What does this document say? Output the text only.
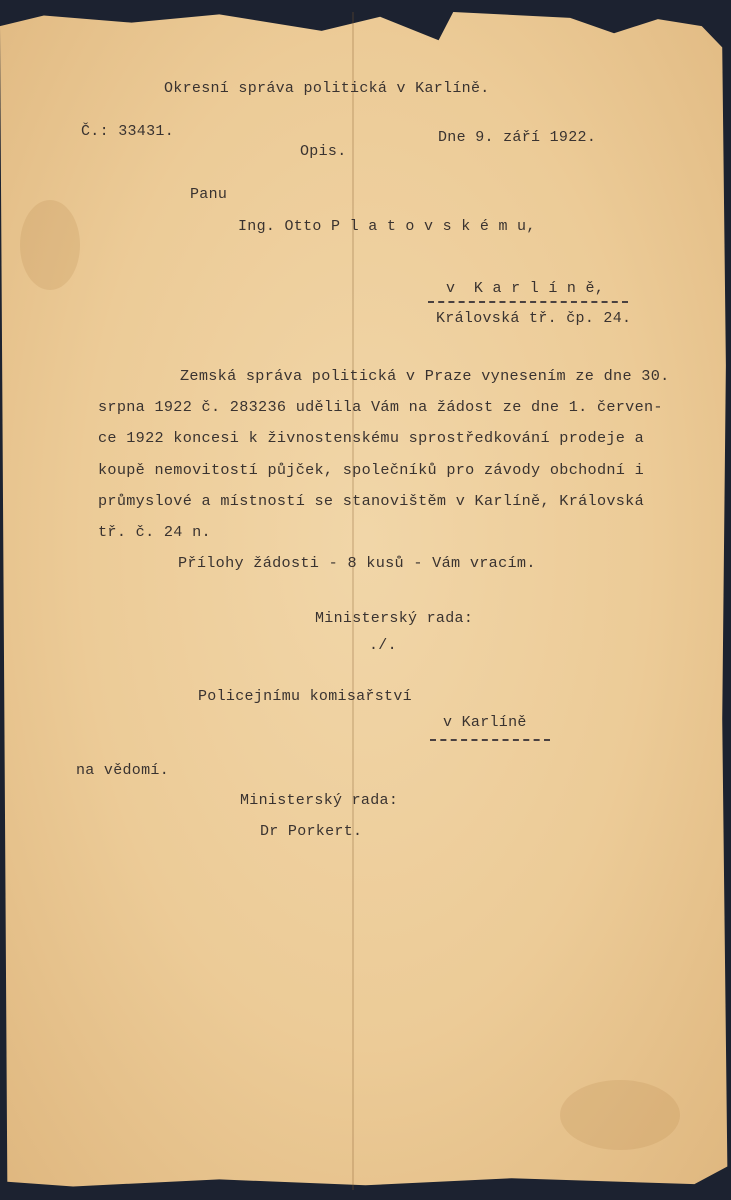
Okresní správa politická v Karlíně.

Č.: 33431.

Opis.

Dne 9. září 1922.

Panu

Ing. Otto P l a t o v s k é m u,

v  K a r l í n ě,

Královská tř. čp. 24.

Zemská správa politická v Praze vynesením ze dne 30.

srpna 1922 č. 283236 udělila Vám na žádost ze dne 1. červen-

ce 1922 koncesi k živnostenskému sprostředkování prodeje a

koupě nemovitostí půjček, společníků pro závody obchodní i

průmyslové a místností se stanovištěm v Karlíně, Královská

tř. č. 24 n.

Přílohy žádosti - 8 kusů - Vám vracím.

Ministerský rada:

./.

Policejnímu komisařství

v Karlíně

na vědomí.

Ministerský rada:

Dr Porkert.
